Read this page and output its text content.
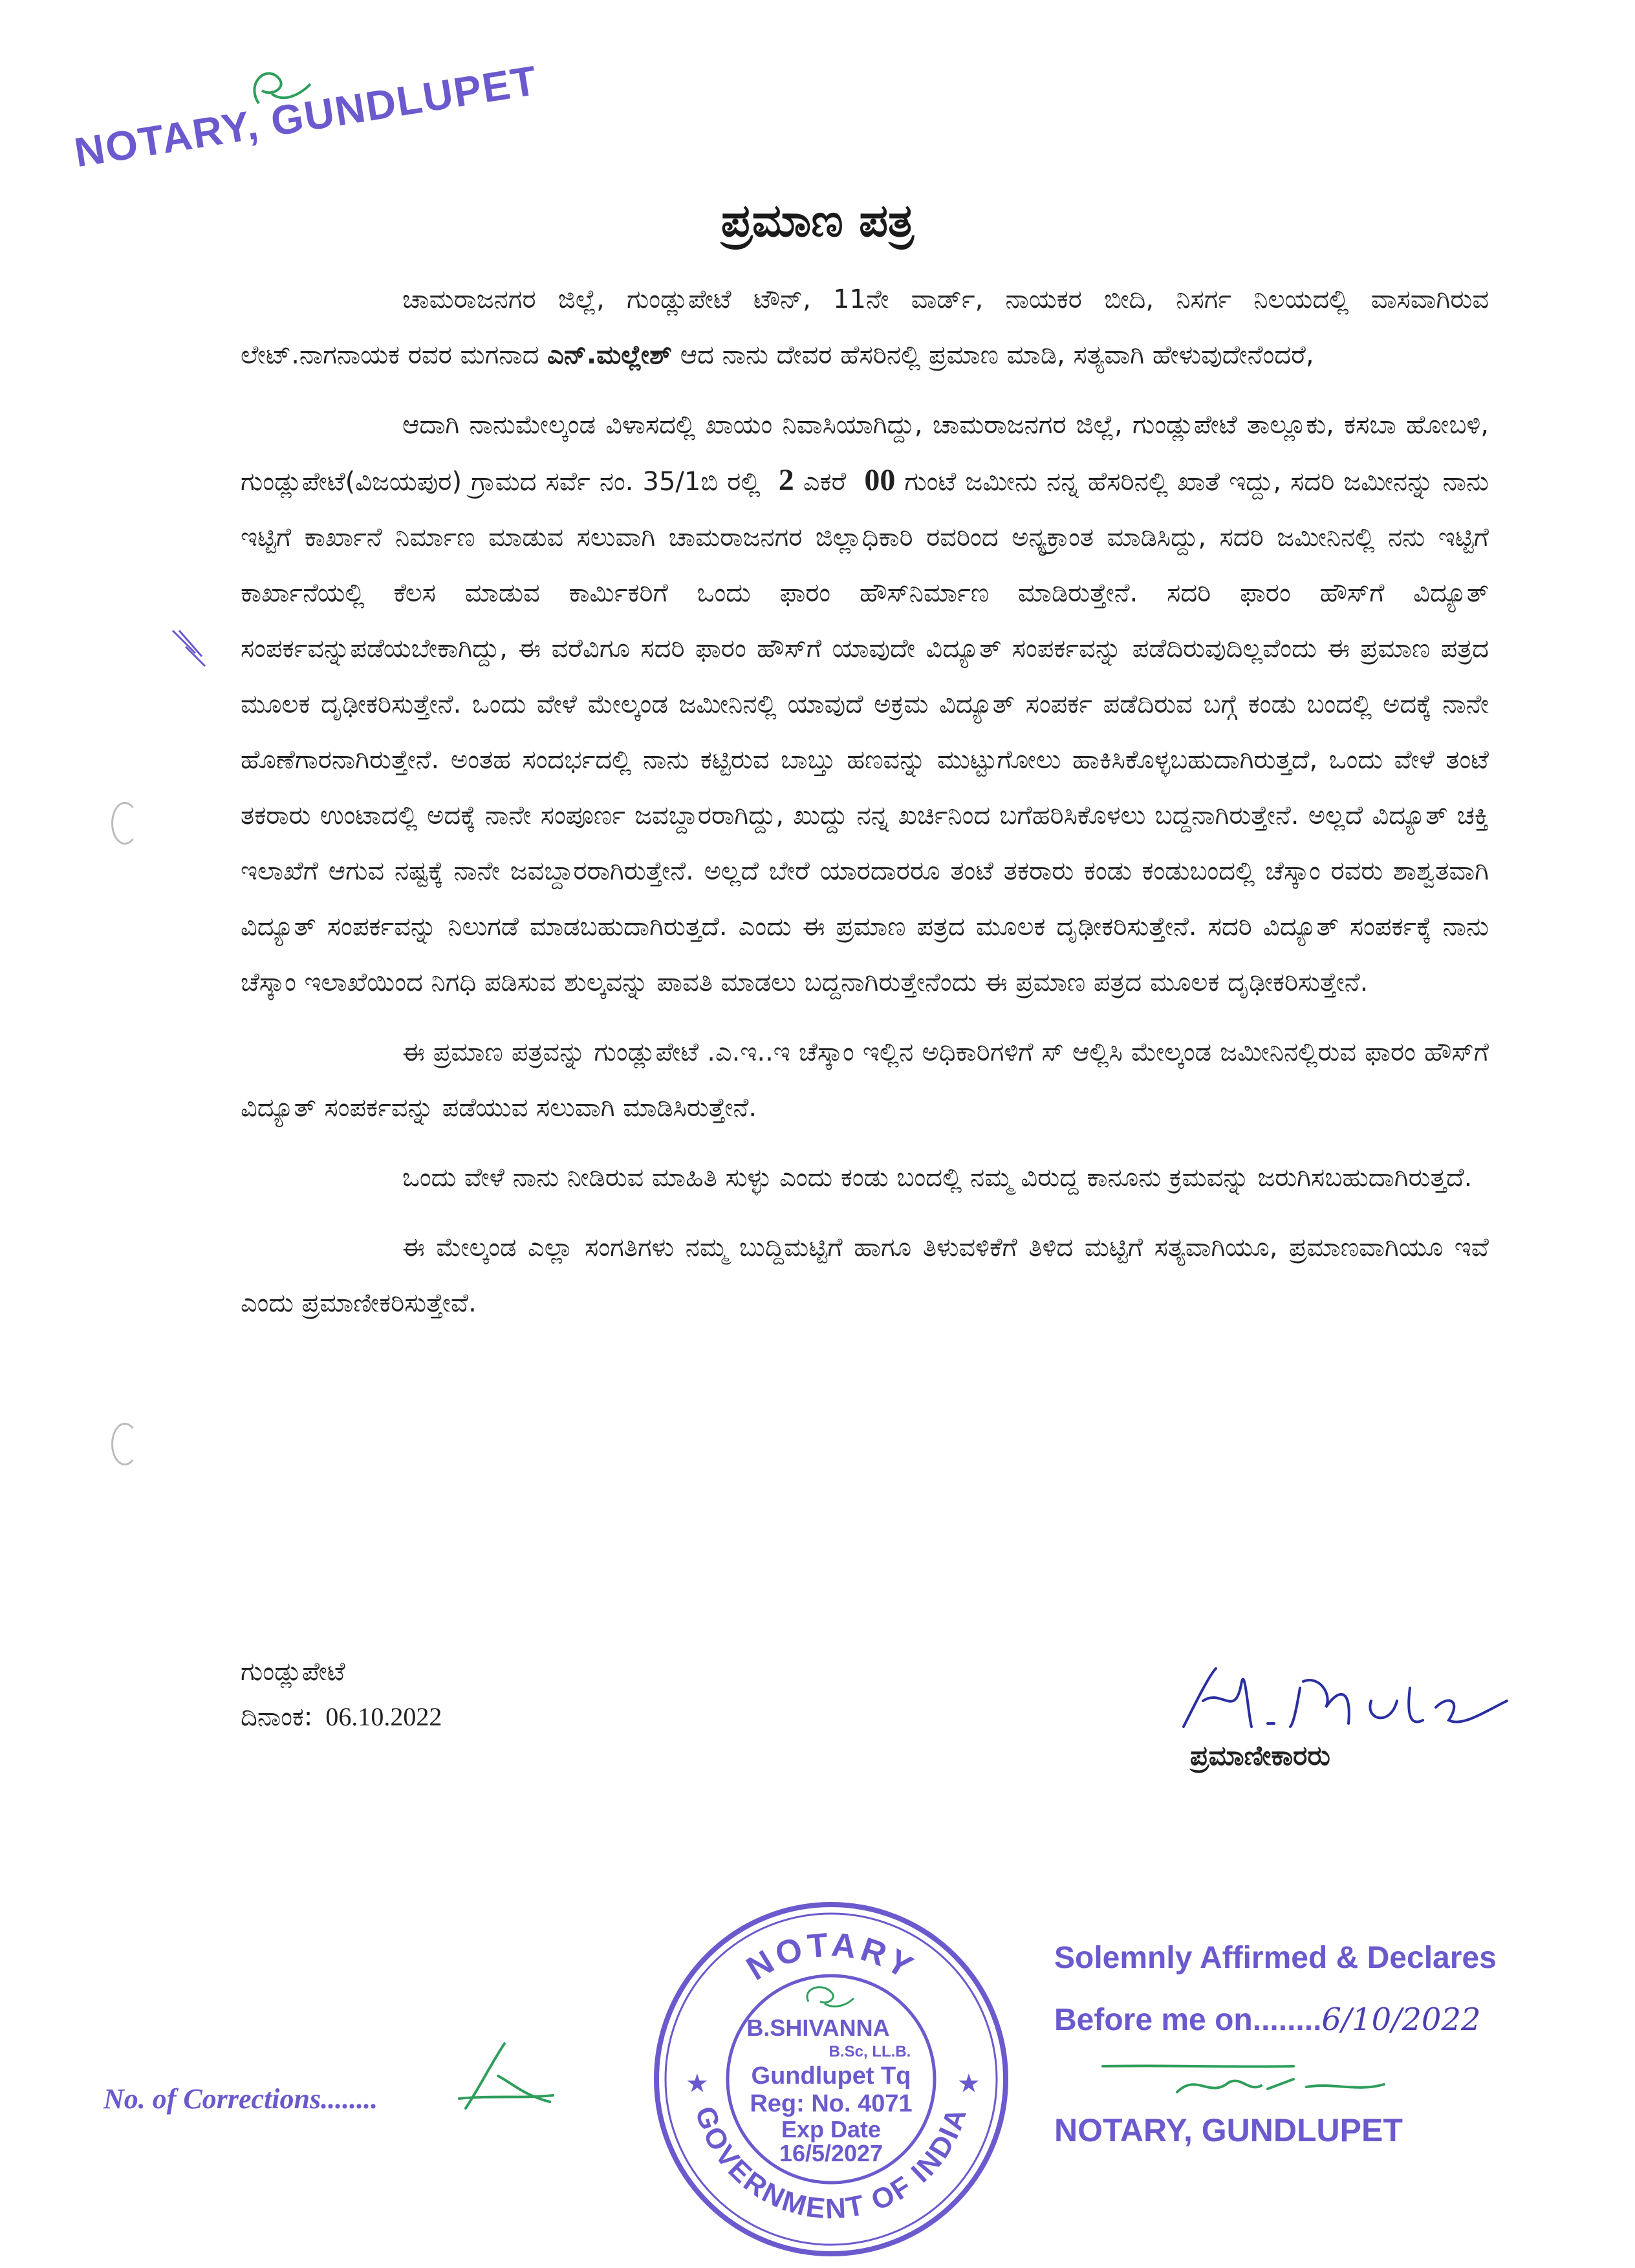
NOTARY, GUNDLUPET
ಪ್ರಮಾಣ ಪತ್ರ

ಚಾಮರಾಜನಗರ ಜಿಲ್ಲೆ, ಗುಂಡ್ಲುಪೇಟೆ ಟೌನ್, 11ನೇ ವಾರ್ಡ್, ನಾಯಕರ ಬೀದಿ, ನಿಸರ್ಗ ನಿಲಯದಲ್ಲಿ ವಾಸವಾಗಿರುವ ಲೇಟ್.ನಾಗನಾಯಕ ರವರ ಮಗನಾದ ಎನ್.ಮಲ್ಲೇಶ್ ಆದ ನಾನು ದೇವರ ಹೆಸರಿನಲ್ಲಿ ಪ್ರಮಾಣ ಮಾಡಿ, ಸತ್ಯವಾಗಿ ಹೇಳುವುದೇನೆಂದರೆ,

ಆದಾಗಿ ನಾನುಮೇಲ್ಕಂಡ ವಿಳಾಸದಲ್ಲಿ ಖಾಯಂ ನಿವಾಸಿಯಾಗಿದ್ದು, ಚಾಮರಾಜನಗರ ಜಿಲ್ಲೆ, ಗುಂಡ್ಲುಪೇಟೆ ತಾಲ್ಲೂಕು, ಕಸಬಾ ಹೋಬಳಿ, ಗುಂಡ್ಲುಪೇಟೆ(ವಿಜಯಪುರ) ಗ್ರಾಮದ ಸರ್ವೆ ನಂ. 35/1ಬಿ ರಲ್ಲಿ 2 ಎಕರೆ 00 ಗುಂಟೆ ಜಮೀನು ನನ್ನ ಹೆಸರಿನಲ್ಲಿ ಖಾತೆ ಇದ್ದು, ಸದರಿ ಜಮೀನನ್ನು ನಾನು ಇಟ್ಟಿಗೆ ಕಾರ್ಖಾನೆ ನಿರ್ಮಾಣ ಮಾಡುವ ಸಲುವಾಗಿ ಚಾಮರಾಜನಗರ ಜಿಲ್ಲಾಧಿಕಾರಿ ರವರಿಂದ ಅನ್ಯಕ್ರಾಂತ ಮಾಡಿಸಿದ್ದು, ಸದರಿ ಜಮೀನಿನಲ್ಲಿ ನನು ಇಟ್ಟಿಗೆ ಕಾರ್ಖಾನೆಯಲ್ಲಿ ಕೆಲಸ ಮಾಡುವ ಕಾರ್ಮಿಕರಿಗೆ ಒಂದು ಫಾರಂ ಹೌಸ್‌ನಿರ್ಮಾಣ ಮಾಡಿರುತ್ತೇನೆ. ಸದರಿ ಫಾರಂ ಹೌಸ್‌ಗೆ ವಿದ್ಯೂತ್ ಸಂಪರ್ಕವನ್ನುಪಡೆಯಬೇಕಾಗಿದ್ದು, ಈ ವರೆವಿಗೂ ಸದರಿ ಫಾರಂ ಹೌಸ್‌ಗೆ ಯಾವುದೇ ವಿದ್ಯೂತ್ ಸಂಪರ್ಕವನ್ನು ಪಡೆದಿರುವುದಿಲ್ಲವೆಂದು ಈ ಪ್ರಮಾಣ ಪತ್ರದ ಮೂಲಕ ದೃಢೀಕರಿಸುತ್ತೇನೆ. ಒಂದು ವೇಳೆ ಮೇಲ್ಕಂಡ ಜಮೀನಿನಲ್ಲಿ ಯಾವುದೆ ಅಕ್ರಮ ವಿದ್ಯೂತ್ ಸಂಪರ್ಕ ಪಡೆದಿರುವ ಬಗ್ಗೆ ಕಂಡು ಬಂದಲ್ಲಿ ಅದಕ್ಕೆ ನಾನೇ ಹೊಣೆಗಾರನಾಗಿರುತ್ತೇನೆ. ಅಂತಹ ಸಂದರ್ಭದಲ್ಲಿ ನಾನು ಕಟ್ಟಿರುವ ಬಾಬ್ತು ಹಣವನ್ನು ಮುಟ್ಟುಗೋಲು ಹಾಕಿಸಿಕೊಳ್ಳಬಹುದಾಗಿರುತ್ತದೆ, ಒಂದು ವೇಳೆ ತಂಟೆ ತಕರಾರು ಉಂಟಾದಲ್ಲಿ ಅದಕ್ಕೆ ನಾನೇ ಸಂಪೂರ್ಣ ಜವಬ್ದಾರರಾಗಿದ್ದು, ಖುದ್ದು ನನ್ನ ಖರ್ಚಿನಿಂದ ಬಗೆಹರಿಸಿಕೊಳಲು ಬದ್ದನಾಗಿರುತ್ತೇನೆ. ಅಲ್ಲದೆ ವಿದ್ಯೂತ್ ಚಕ್ತಿ ಇಲಾಖೆಗೆ ಆಗುವ ನಷ್ಟಕ್ಕೆ ನಾನೇ ಜವಬ್ದಾರರಾಗಿರುತ್ತೇನೆ. ಅಲ್ಲದೆ ಬೇರೆ ಯಾರದಾರರೂ ತಂಟೆ ತಕರಾರು ಕಂಡು ಕಂಡುಬಂದಲ್ಲಿ ಚೆಸ್ಕಾಂ ರವರು ಶಾಶ್ವತವಾಗಿ ವಿದ್ಯೂತ್ ಸಂಪರ್ಕವನ್ನು ನಿಲುಗಡೆ ಮಾಡಬಹುದಾಗಿರುತ್ತದೆ. ಎಂದು ಈ ಪ್ರಮಾಣ ಪತ್ರದ ಮೂಲಕ ದೃಢೀಕರಿಸುತ್ತೇನೆ. ಸದರಿ ವಿದ್ಯೂತ್ ಸಂಪರ್ಕಕ್ಕೆ ನಾನು ಚೆಸ್ಕಾಂ ಇಲಾಖೆಯಿಂದ ನಿಗಧಿ ಪಡಿಸುವ ಶುಲ್ಕವನ್ನು ಪಾವತಿ ಮಾಡಲು ಬದ್ದನಾಗಿರುತ್ತೇನೆಂದು ಈ ಪ್ರಮಾಣ ಪತ್ರದ ಮೂಲಕ ದೃಢೀಕರಿಸುತ್ತೇನೆ.

ಈ ಪ್ರಮಾಣ ಪತ್ರವನ್ನು ಗುಂಡ್ಲುಪೇಟೆ .ಎ.ಇ..ಇ ಚೆಸ್ಕಾಂ ಇಲ್ಲಿನ ಅಧಿಕಾರಿಗಳಿಗೆ ಸ್ ಆಲ್ಲಿಸಿ ಮೇಲ್ಕಂಡ ಜಮೀನಿನಲ್ಲಿರುವ ಫಾರಂ ಹೌಸ್‌ಗೆ ವಿದ್ಯೂತ್ ಸಂಪರ್ಕವನ್ನು ಪಡೆಯುವ ಸಲುವಾಗಿ ಮಾಡಿಸಿರುತ್ತೇನೆ.

ಒಂದು ವೇಳೆ ನಾನು ನೀಡಿರುವ ಮಾಹಿತಿ ಸುಳ್ಳು ಎಂದು ಕಂಡು ಬಂದಲ್ಲಿ ನಮ್ಮ ವಿರುದ್ದ ಕಾನೂನು ಕ್ರಮವನ್ನು ಜರುಗಿಸಬಹುದಾಗಿರುತ್ತದೆ.

ಈ ಮೇಲ್ಕಂಡ ಎಲ್ಲಾ ಸಂಗತಿಗಳು ನಮ್ಮ ಬುದ್ದಿಮಟ್ಟಿಗೆ ಹಾಗೂ ತಿಳುವಳಿಕೆಗೆ ತಿಳಿದ ಮಟ್ಟಿಗೆ ಸತ್ಯವಾಗಿಯೂ, ಪ್ರಮಾಣವಾಗಿಯೂ ಇವೆ ಎಂದು ಪ್ರಮಾಣೀಕರಿಸುತ್ತೇವೆ.

ಗುಂಡ್ಲುಪೇಟೆ
ದಿನಾಂಕ: 06.10.2022
ಪ್ರಮಾಣೀಕಾರರು
NOTARY
GOVERNMENT OF INDIA
★	★
B.SHIVANNA
B.Sc, LL.B.
Gundlupet Tq
Reg: No. 4071
Exp Date
16/5/2027
Solemnly Affirmed & Declares
Before me on........6/10/2022
NOTARY, GUNDLUPET
No. of Corrections........
